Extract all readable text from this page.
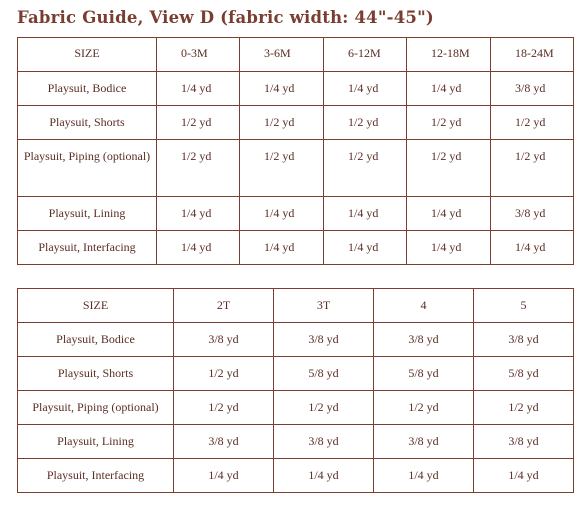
Fabric Guide, View D (fabric width: 44"-45")
SIZE	0-3M	3-6M	6-12M	12-18M	18-24M
Playsuit, Bodice	1/4 yd	1/4 yd	1/4 yd	1/4 yd	3/8 yd
Playsuit, Shorts	1/2 yd	1/2 yd	1/2 yd	1/2 yd	1/2 yd
Playsuit, Piping (optional)	1/2 yd	1/2 yd	1/2 yd	1/2 yd	1/2 yd
Playsuit, Lining	1/4 yd	1/4 yd	1/4 yd	1/4 yd	3/8 yd
Playsuit, Interfacing	1/4 yd	1/4 yd	1/4 yd	1/4 yd	1/4 yd
SIZE	2T	3T	4	5
Playsuit, Bodice	3/8 yd	3/8 yd	3/8 yd	3/8 yd
Playsuit, Shorts	1/2 yd	5/8 yd	5/8 yd	5/8 yd
Playsuit, Piping (optional)	1/2 yd	1/2 yd	1/2 yd	1/2 yd
Playsuit, Lining	3/8 yd	3/8 yd	3/8 yd	3/8 yd
Playsuit, Interfacing	1/4 yd	1/4 yd	1/4 yd	1/4 yd
